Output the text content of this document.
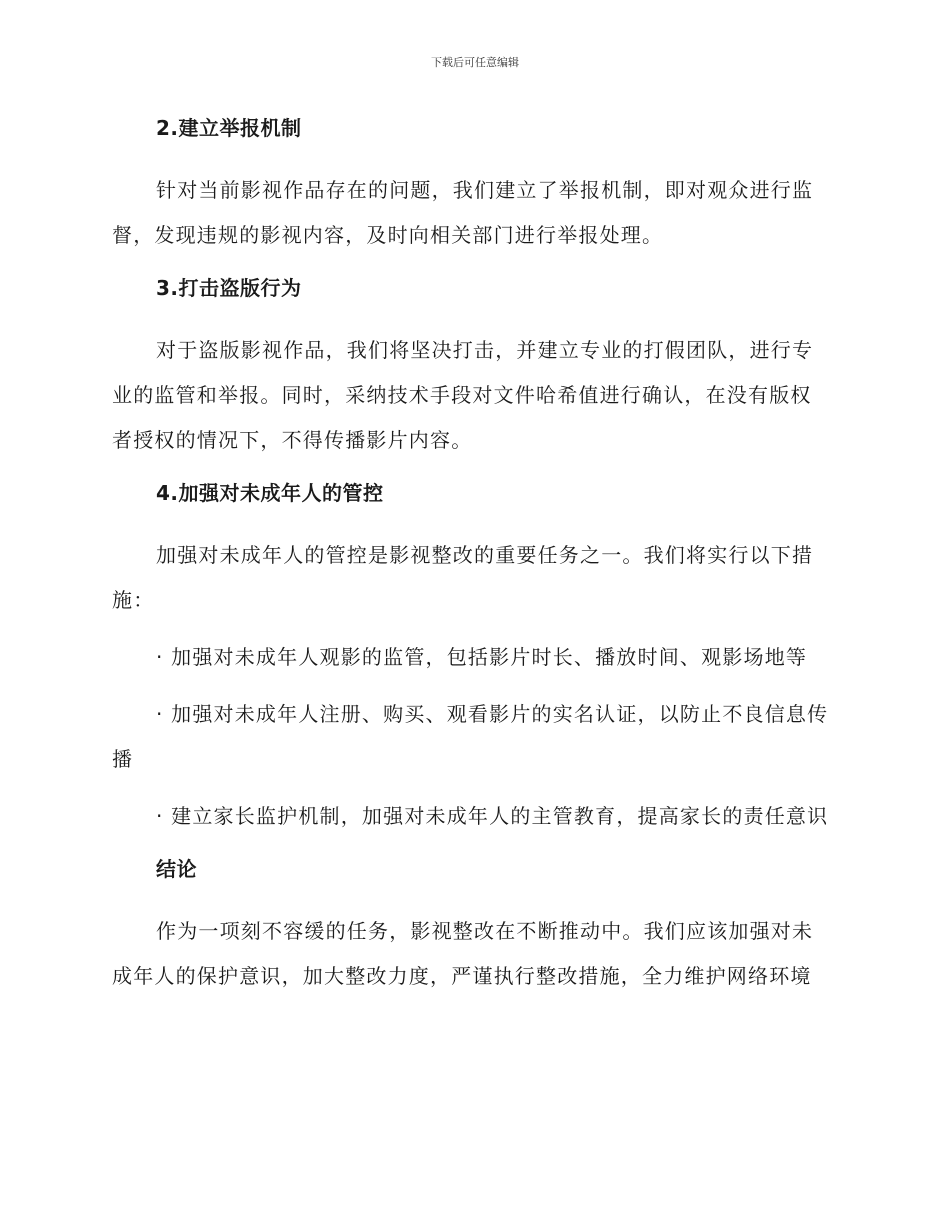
下载后可任意编辑
2.建立举报机制

针对当前影视作品存在的问题，我们建立了举报机制，即对观众进行监督，发现违规的影视内容，及时向相关部门进行举报处理。

3.打击盗版行为

对于盗版影视作品，我们将坚决打击，并建立专业的打假团队，进行专业的监管和举报。同时，采纳技术手段对文件哈希值进行确认，在没有版权者授权的情况下，不得传播影片内容。

4.加强对未成年人的管控

加强对未成年人的管控是影视整改的重要任务之一。我们将实行以下措施：

· 加强对未成年人观影的监管，包括影片时长、播放时间、观影场地等

· 加强对未成年人注册、购买、观看影片的实名认证，以防止不良信息传播

· 建立家长监护机制，加强对未成年人的主管教育，提高家长的责任意识

结论

作为一项刻不容缓的任务，影视整改在不断推动中。我们应该加强对未成年人的保护意识，加大整改力度，严谨执行整改措施，全力维护网络环境
